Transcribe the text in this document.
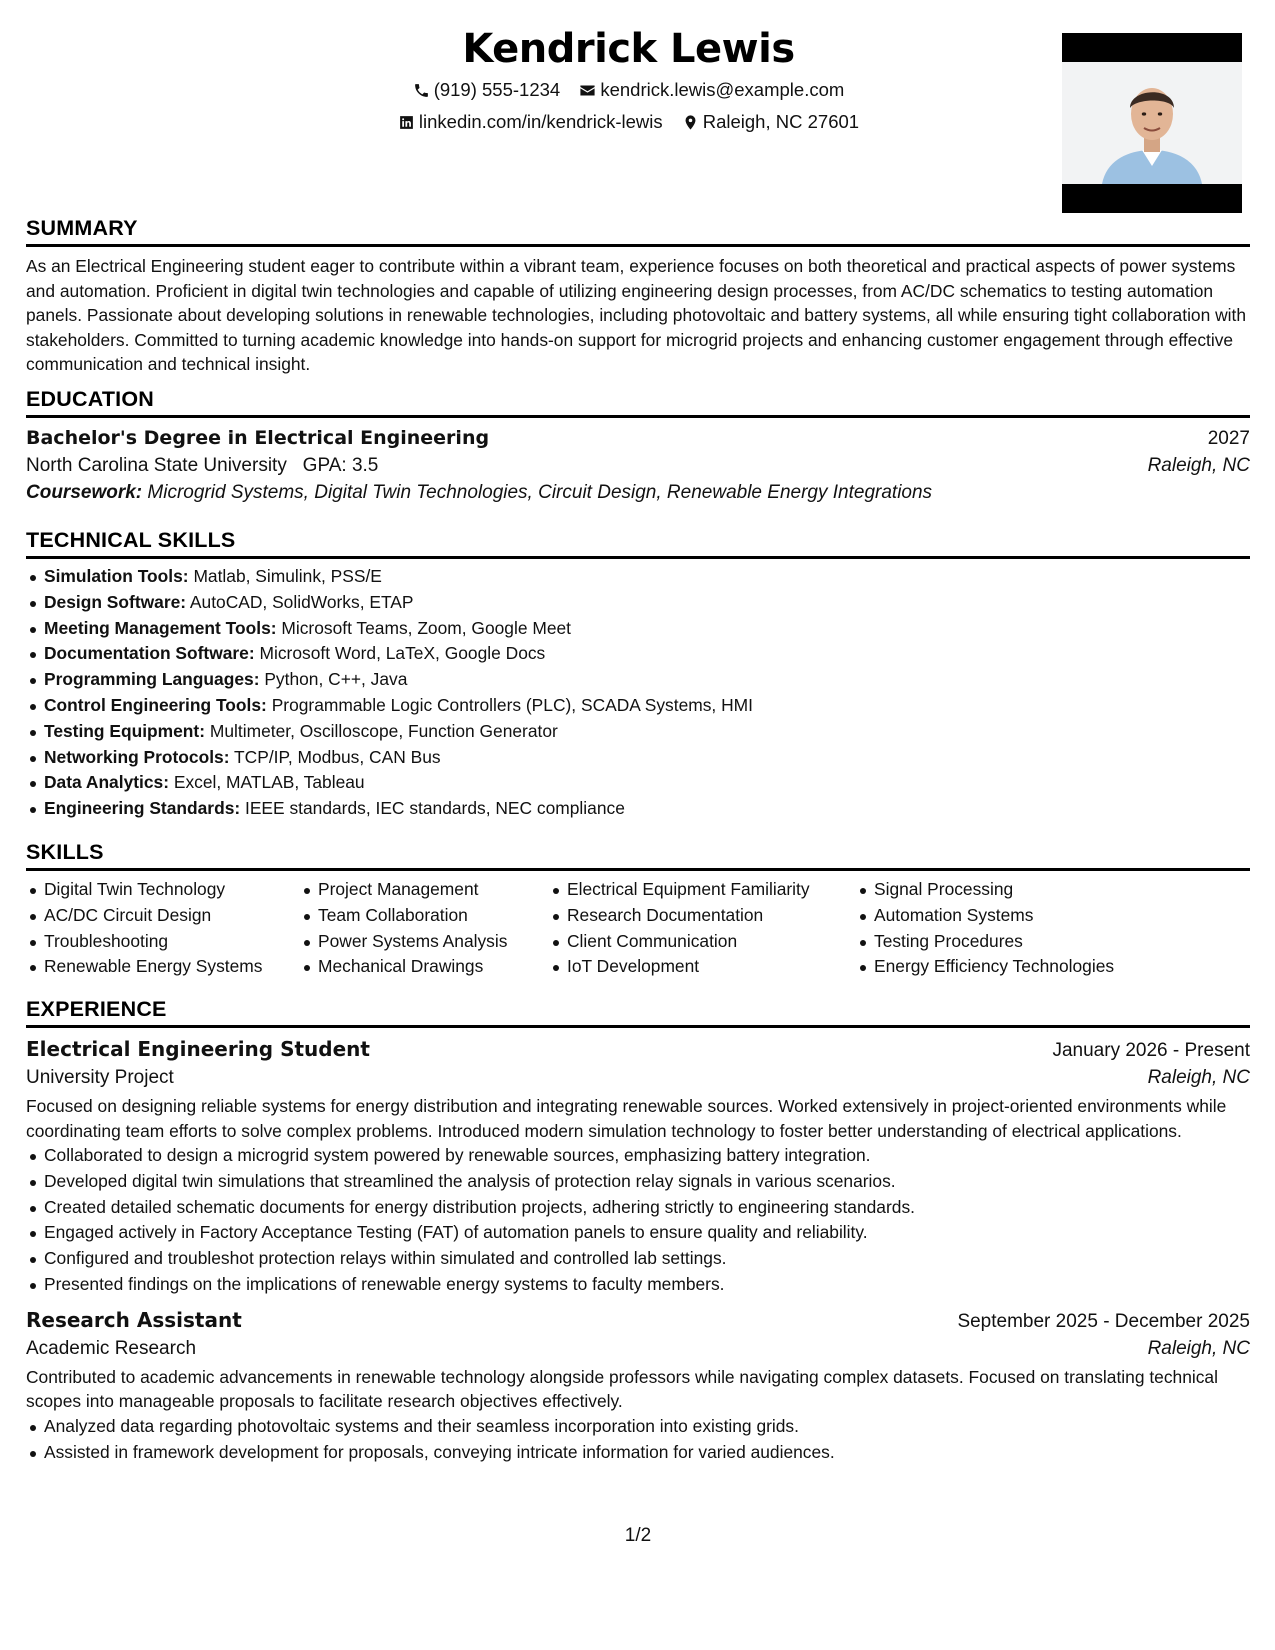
Kendrick Lewis
(919) 555-1234
kendrick.lewis@example.com
linkedin.com/in/kendrick-lewis
Raleigh, NC 27601
SUMMARY
As an Electrical Engineering student eager to contribute within a vibrant team, experience focuses on both theoretical and practical aspects of power systems and automation. Proficient in digital twin technologies and capable of utilizing engineering design processes, from AC/DC schematics to testing automation panels. Passionate about developing solutions in renewable technologies, including photovoltaic and battery systems, all while ensuring tight collaboration with stakeholders. Committed to turning academic knowledge into hands-on support for microgrid projects and enhancing customer engagement through effective communication and technical insight.
EDUCATION
Bachelor's Degree in Electrical Engineering	2027
North Carolina State University GPA: 3.5	Raleigh, NC
Coursework: Microgrid Systems, Digital Twin Technologies, Circuit Design, Renewable Energy Integrations
TECHNICAL SKILLS
Simulation Tools: Matlab, Simulink, PSS/E
Design Software: AutoCAD, SolidWorks, ETAP
Meeting Management Tools: Microsoft Teams, Zoom, Google Meet
Documentation Software: Microsoft Word, LaTeX, Google Docs
Programming Languages: Python, C++, Java
Control Engineering Tools: Programmable Logic Controllers (PLC), SCADA Systems, HMI
Testing Equipment: Multimeter, Oscilloscope, Function Generator
Networking Protocols: TCP/IP, Modbus, CAN Bus
Data Analytics: Excel, MATLAB, Tableau
Engineering Standards: IEEE standards, IEC standards, NEC compliance
SKILLS
Digital Twin Technology
AC/DC Circuit Design
Troubleshooting
Renewable Energy Systems
Project Management
Team Collaboration
Power Systems Analysis
Mechanical Drawings
Electrical Equipment Familiarity
Research Documentation
Client Communication
IoT Development
Signal Processing
Automation Systems
Testing Procedures
Energy Efficiency Technologies
EXPERIENCE
Electrical Engineering Student	January 2026 - Present
University Project	Raleigh, NC
Focused on designing reliable systems for energy distribution and integrating renewable sources. Worked extensively in project-oriented environments while coordinating team efforts to solve complex problems. Introduced modern simulation technology to foster better understanding of electrical applications.
Collaborated to design a microgrid system powered by renewable sources, emphasizing battery integration.
Developed digital twin simulations that streamlined the analysis of protection relay signals in various scenarios.
Created detailed schematic documents for energy distribution projects, adhering strictly to engineering standards.
Engaged actively in Factory Acceptance Testing (FAT) of automation panels to ensure quality and reliability.
Configured and troubleshot protection relays within simulated and controlled lab settings.
Presented findings on the implications of renewable energy systems to faculty members.
Research Assistant	September 2025 - December 2025
Academic Research	Raleigh, NC
Contributed to academic advancements in renewable technology alongside professors while navigating complex datasets. Focused on translating technical scopes into manageable proposals to facilitate research objectives effectively.
Analyzed data regarding photovoltaic systems and their seamless incorporation into existing grids.
Assisted in framework development for proposals, conveying intricate information for varied audiences.
1/2
